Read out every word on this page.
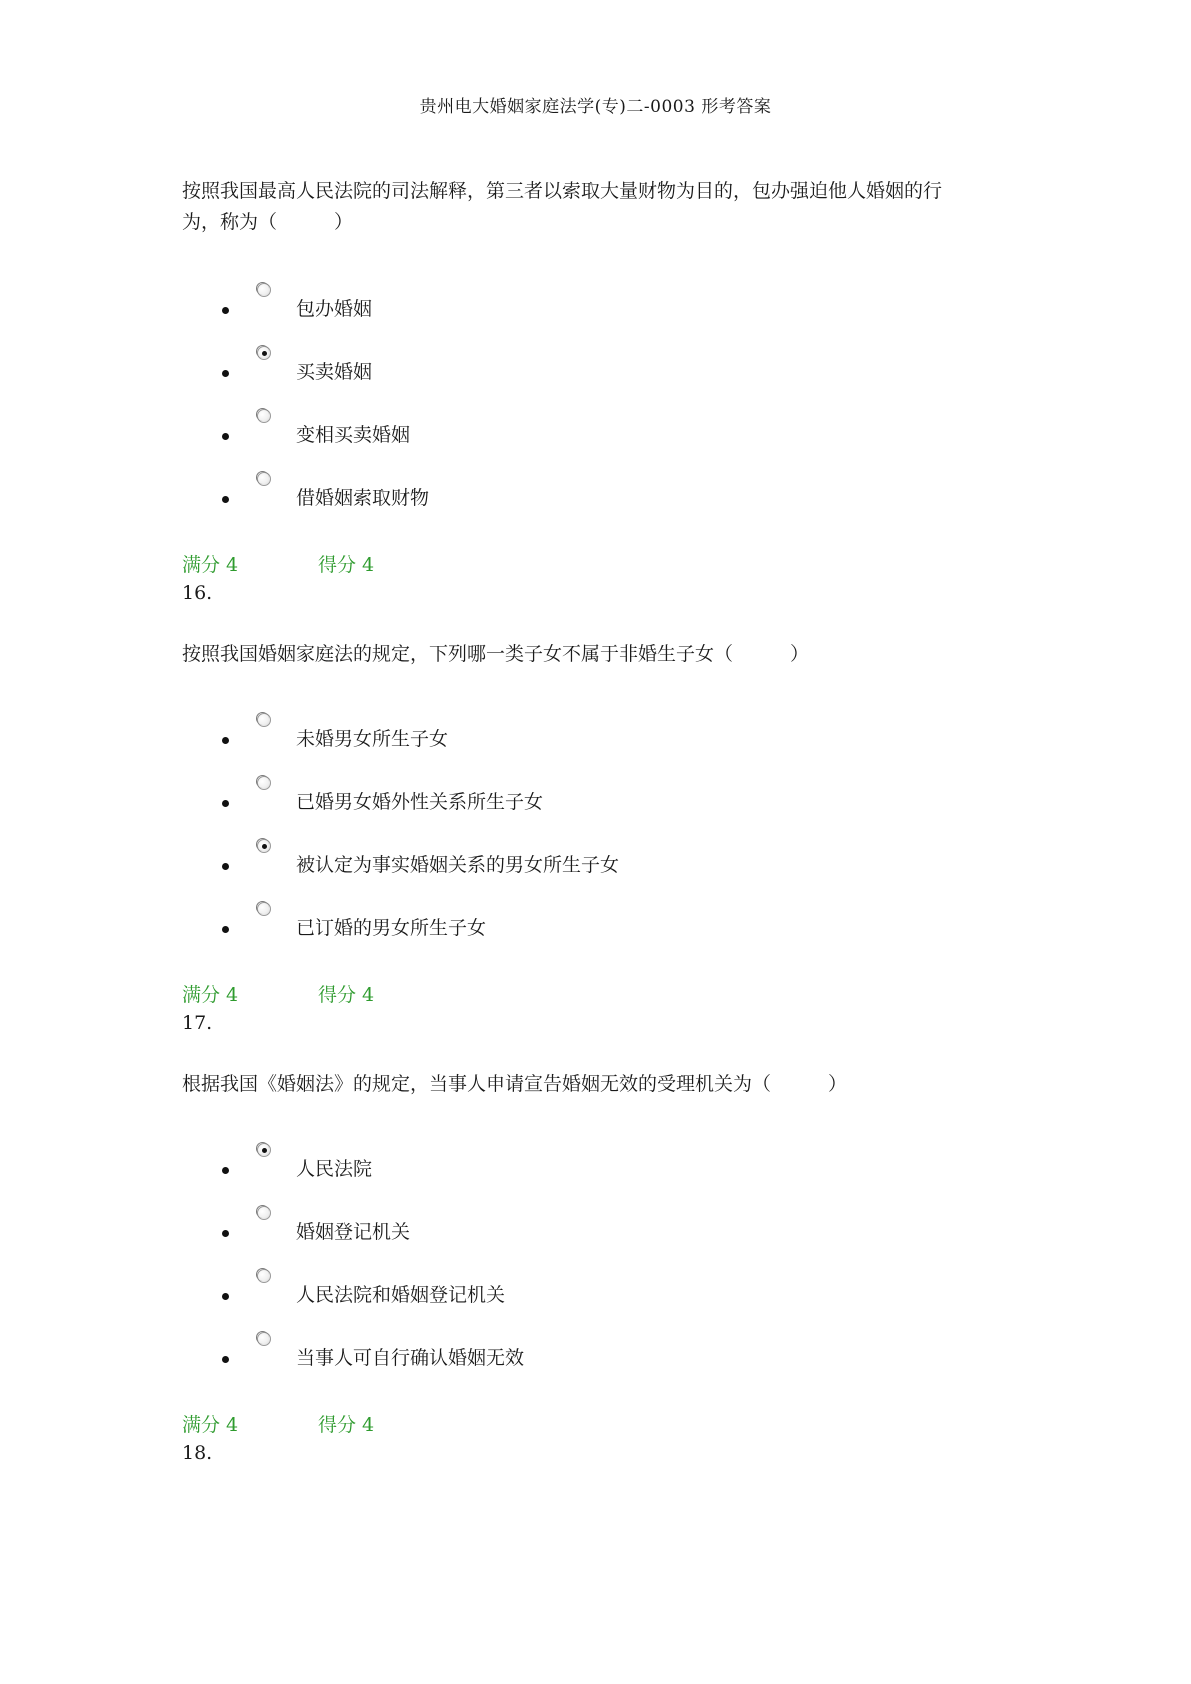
贵州电大婚姻家庭法学(专)二-0003 形考答案

按照我国最高人民法院的司法解释，第三者以索取大量财物为目的，包办强迫他人婚姻的行
为，称为（　　　）

包办婚姻
买卖婚姻
变相买卖婚姻
借婚姻索取财物
满分 4	得分 4
16.

按照我国婚姻家庭法的规定，下列哪一类子女不属于非婚生子女（　　　）

未婚男女所生子女
已婚男女婚外性关系所生子女
被认定为事实婚姻关系的男女所生子女
已订婚的男女所生子女
满分 4	得分 4
17.

根据我国《婚姻法》的规定，当事人申请宣告婚姻无效的受理机关为（　　　）

人民法院
婚姻登记机关
人民法院和婚姻登记机关
当事人可自行确认婚姻无效
满分 4	得分 4
18.
